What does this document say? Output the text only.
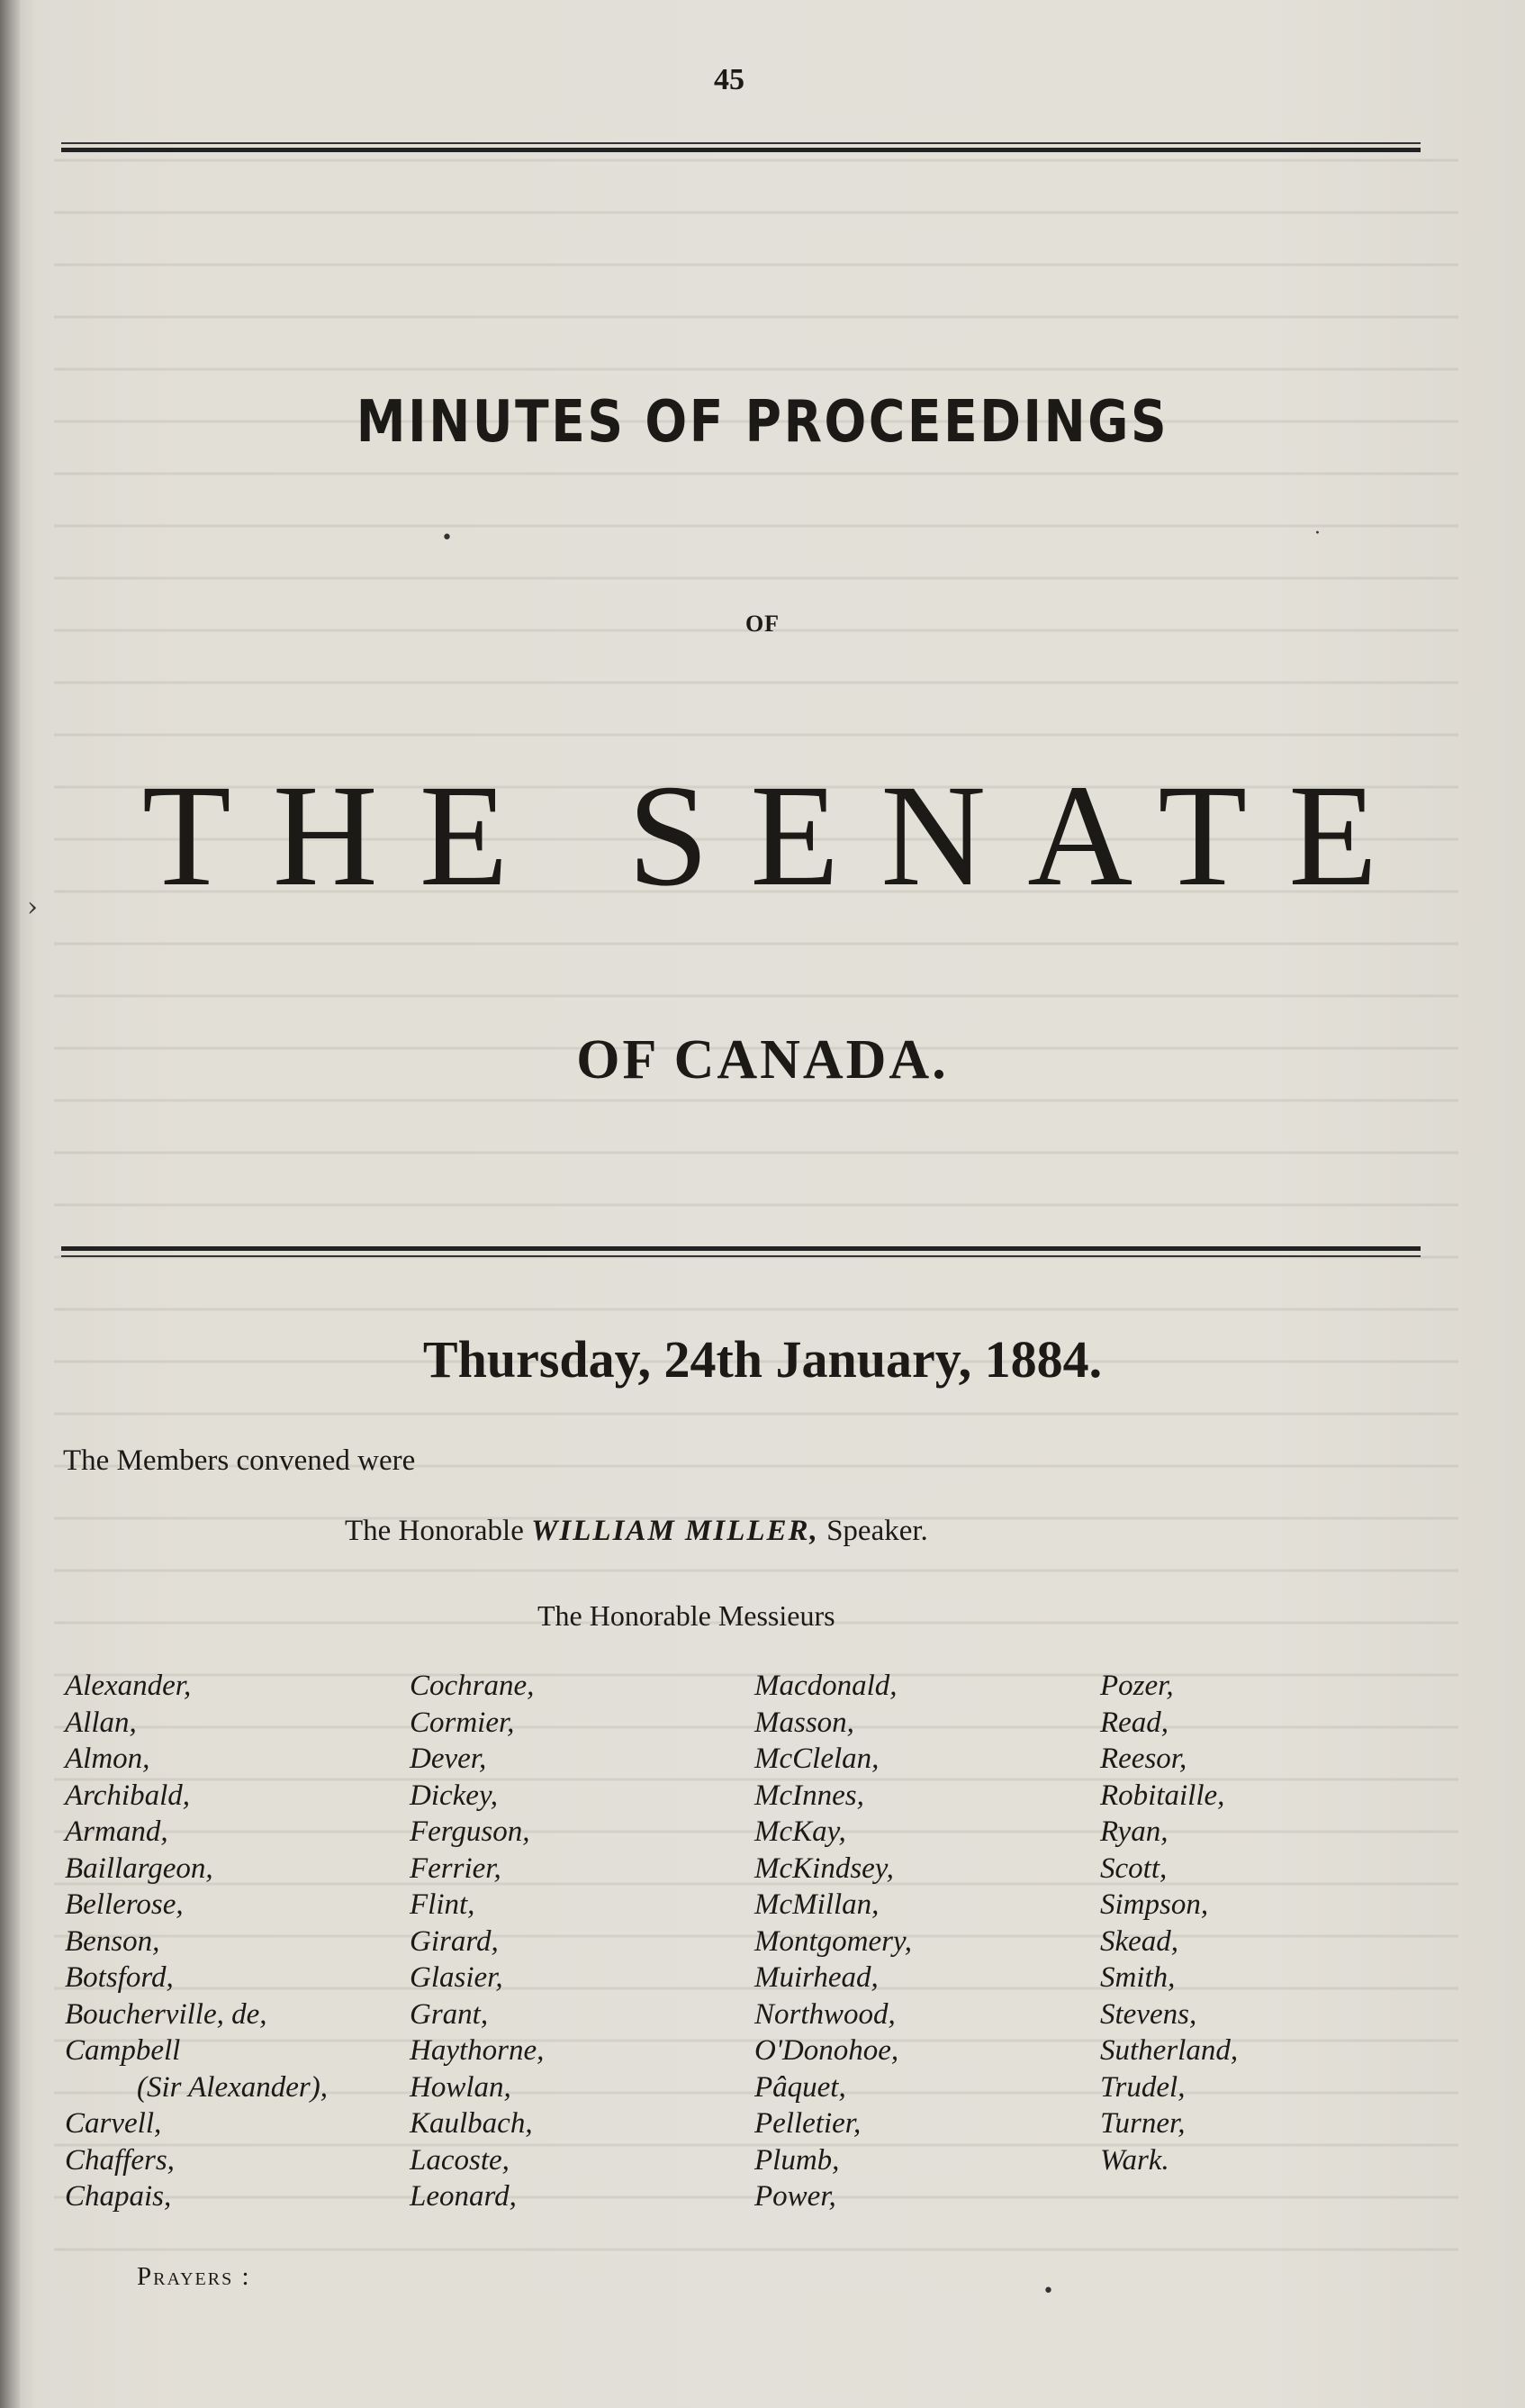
45
MINUTES OF PROCEEDINGS
OF
THE SENATE
OF CANADA.
Thursday, 24th January, 1884.
The Members convened were
The Honorable WILLIAM MILLER, Speaker.
The Honorable Messieurs
Alexander,
Allan,
Almon,
Archibald,
Armand,
Baillargeon,
Bellerose,
Benson,
Botsford,
Boucherville, de,
Campbell
(Sir Alexander),
Carvell,
Chaffers,
Chapais,
Cochrane,
Cormier,
Dever,
Dickey,
Ferguson,
Ferrier,
Flint,
Girard,
Glasier,
Grant,
Haythorne,
Howlan,
Kaulbach,
Lacoste,
Leonard,
Macdonald,
Masson,
McClelan,
McInnes,
McKay,
McKindsey,
McMillan,
Montgomery,
Muirhead,
Northwood,
O'Donohoe,
Pâquet,
Pelletier,
Plumb,
Power,
Pozer,
Read,
Reesor,
Robitaille,
Ryan,
Scott,
Simpson,
Skead,
Smith,
Stevens,
Sutherland,
Trudel,
Turner,
Wark.
Prayers :
•	·
›
•
